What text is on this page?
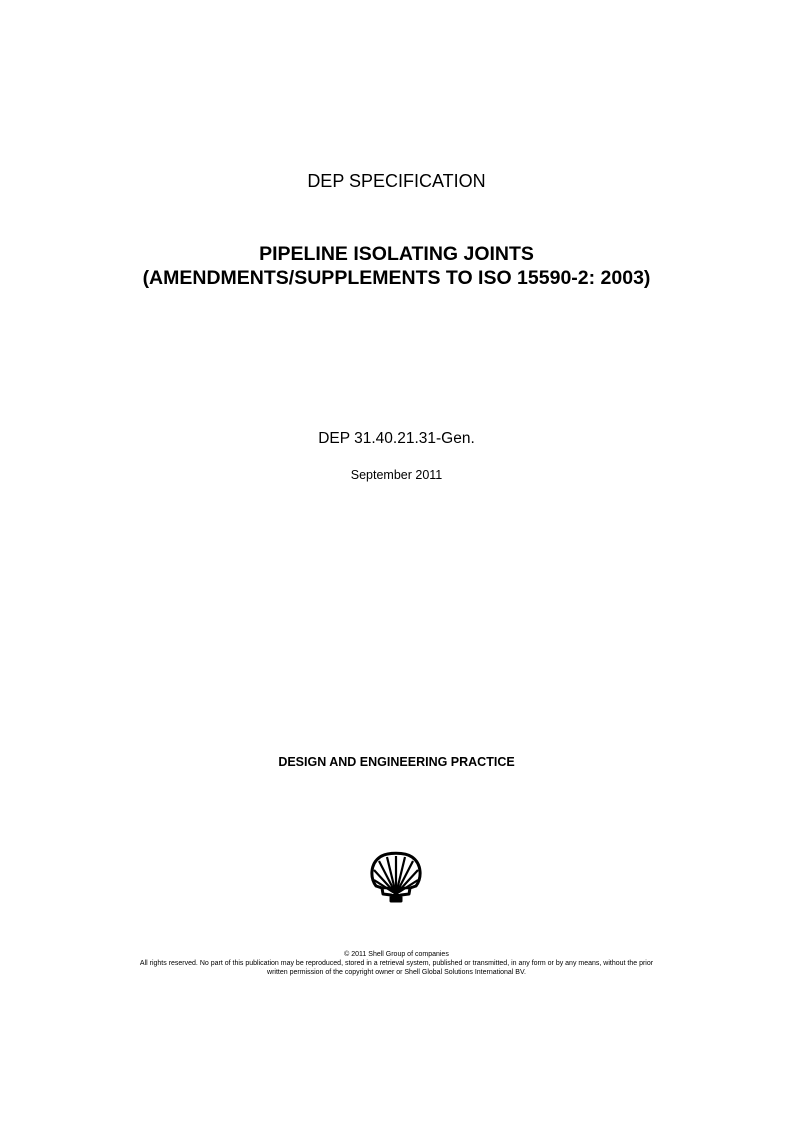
DEP SPECIFICATION
PIPELINE ISOLATING JOINTS
(AMENDMENTS/SUPPLEMENTS TO ISO 15590-2: 2003)
DEP 31.40.21.31-Gen.
September 2011
DESIGN AND ENGINEERING PRACTICE
© 2011 Shell Group of companies
All rights reserved. No part of this publication may be reproduced, stored in a retrieval system, published or transmitted, in any form or by any means, without the prior
written permission of the copyright owner or Shell Global Solutions International BV.
